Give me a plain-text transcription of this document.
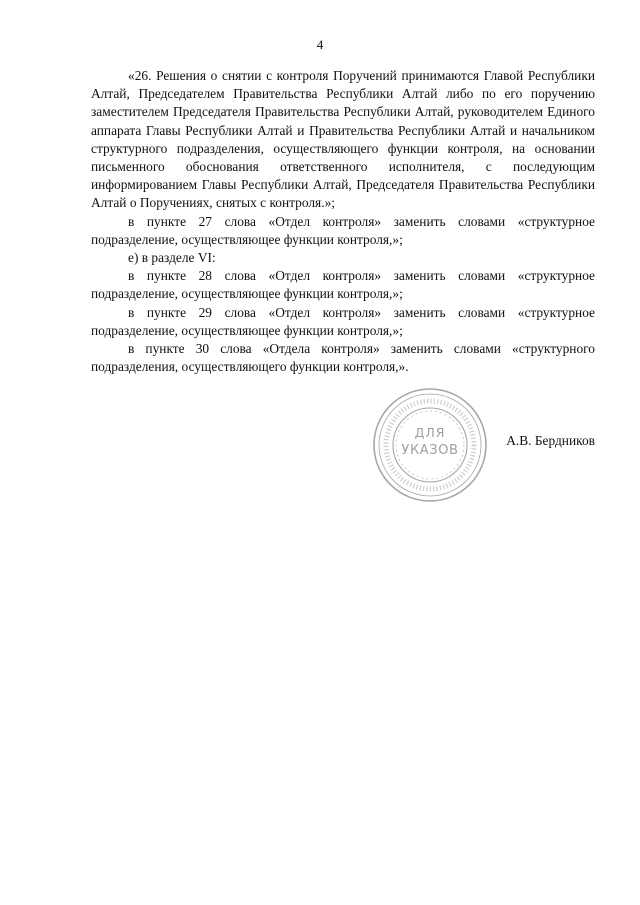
4

«26. Решения о снятии с контроля Поручений принимаются Главой Республики Алтай, Председателем Правительства Республики Алтай либо по его поручению заместителем Председателя Правительства Республики Алтай, руководителем Единого аппарата Главы Республики Алтай и Правительства Республики Алтай и начальником структурного подразделения, осуществляющего функции контроля, на основании письменного обоснования ответственного исполнителя, с последующим информированием Главы Республики Алтай, Председателя Правительства Республики Алтай о Поручениях, снятых с контроля.»;

в пункте 27 слова «Отдел контроля» заменить словами «структурное подразделение, осуществляющее функции контроля,»;

е) в разделе VI:

в пункте 28 слова «Отдел контроля» заменить словами «структурное подразделение, осуществляющее функции контроля,»;

в пункте 29 слова «Отдел контроля» заменить словами «структурное подразделение, осуществляющее функции контроля,»;

в пункте 30 слова «Отдела контроля» заменить словами «структурного подразделения, осуществляющего функции контроля,».

ДЛЯ
УКАЗОВ
А.В. Бердников
